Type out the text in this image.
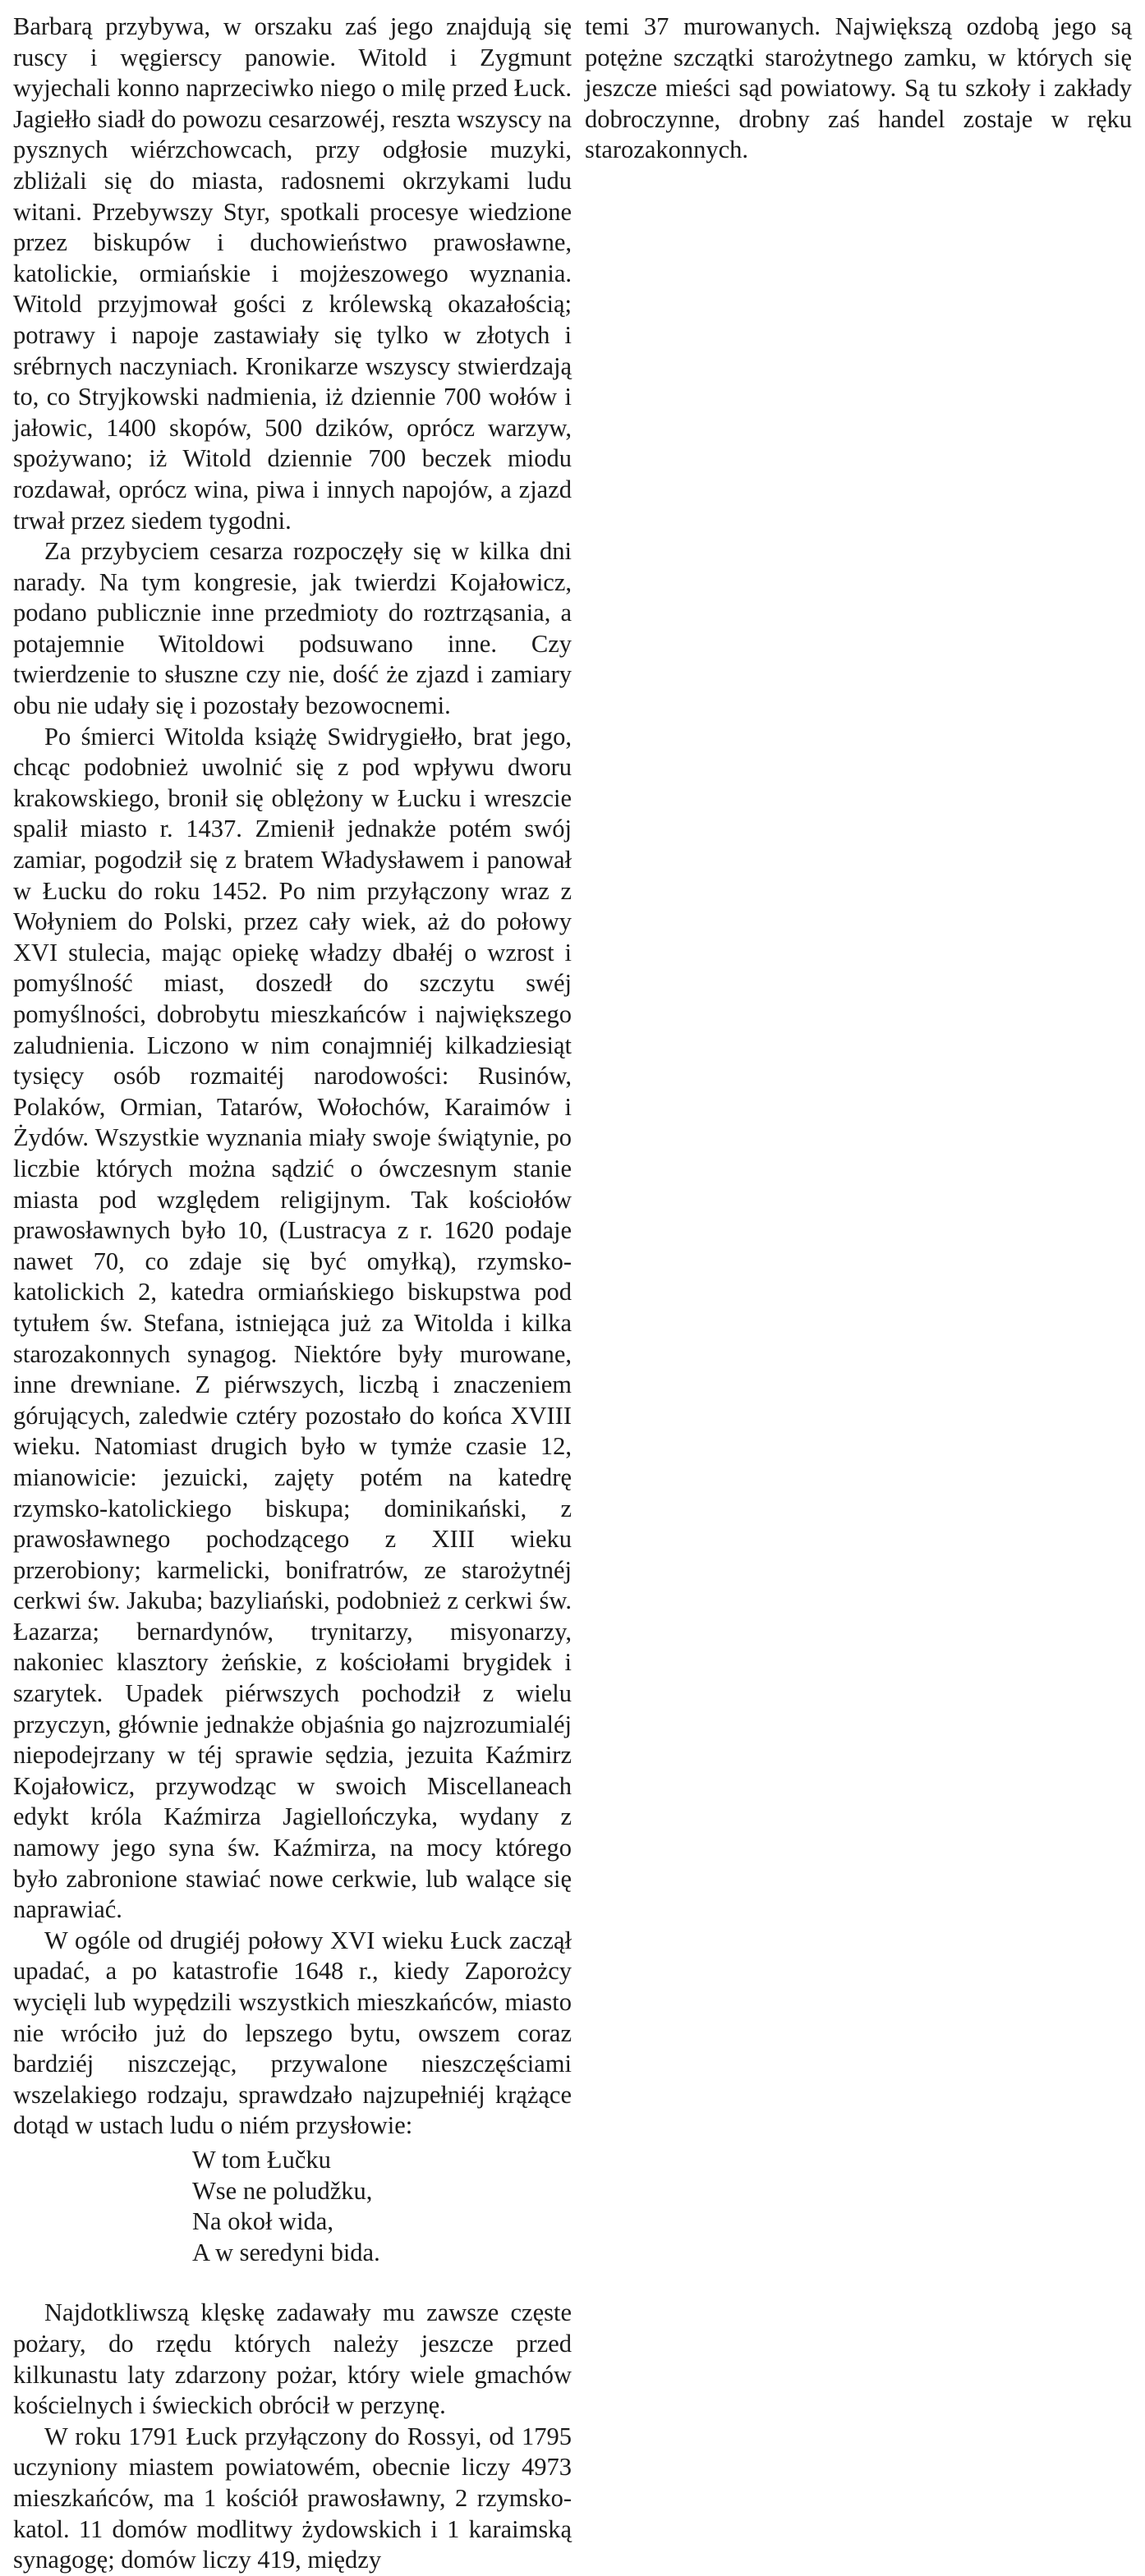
Barbarą przybywa, w orszaku zaś jego znajdują się ruscy i węgierscy panowie. Witold i Zygmunt wyjechali konno naprzeciwko niego o milę przed Łuck. Jagiełło siadł do powozu cesarzowéj, reszta wszyscy na pysznych wiérzchowcach, przy odgłosie muzyki, zbliżali się do miasta, radosnemi okrzykami ludu witani. Przebywszy Styr, spotkali procesye wiedzione przez biskupów i duchowieństwo prawosławne, katolickie, ormiańskie i mojżeszowego wyznania. Witold przyjmował gości z królewską okazałością; potrawy i napoje zastawiały się tylko w złotych i srébrnych naczyniach. Kronikarze wszyscy stwierdzają to, co Stryjkowski nadmienia, iż dziennie 700 wołów i jałowic, 1400 skopów, 500 dzików, oprócz warzyw, spożywano; iż Witold dziennie 700 beczek miodu rozdawał, oprócz wina, piwa i innych napojów, a zjazd trwał przez siedem tygodni.

Za przybyciem cesarza rozpoczęły się w kilka dni narady. Na tym kongresie, jak twierdzi Kojałowicz, podano publicznie inne przedmioty do roztrząsania, a potajemnie Witoldowi podsuwano inne. Czy twierdzenie to słuszne czy nie, dość że zjazd i zamiary obu nie udały się i pozostały bezowocnemi.

Po śmierci Witolda książę Swidrygiełło, brat jego, chcąc podobnież uwolnić się z pod wpływu dworu krakowskiego, bronił się oblężony w Łucku i wreszcie spalił miasto r. 1437. Zmienił jednakże potém swój zamiar, pogodził się z bratem Władysławem i panował w Łucku do roku 1452. Po nim przyłączony wraz z Wołyniem do Polski, przez cały wiek, aż do połowy XVI stulecia, mając opiekę władzy dbałéj o wzrost i pomyślność miast, doszedł do szczytu swéj pomyślności, dobrobytu mieszkańców i największego zaludnienia. Liczono w nim conajmniéj kilkadziesiąt tysięcy osób rozmaitéj narodowości: Rusinów, Polaków, Ormian, Tatarów, Wołochów, Karaimów i Żydów. Wszystkie wyznania miały swoje świątynie, po liczbie których można sądzić o ówczesnym stanie miasta pod względem religijnym. Tak kościołów prawosławnych było 10, (Lustracya z r. 1620 podaje nawet 70, co zdaje się być omyłką), rzymsko-katolickich 2, katedra ormiańskiego biskupstwa pod tytułem św. Stefana, istniejąca już za Witolda i kilka starozakonnych synagog. Niektóre były murowane, inne drewniane. Z piérwszych, liczbą i znaczeniem górujących, zaledwie cztéry pozostało do końca XVIII wieku. Natomiast drugich było w tymże czasie 12, mianowicie: jezuicki, zajęty potém na katedrę rzymsko-katolickiego biskupa; dominikański, z prawosławnego pochodzącego z XIII wieku przerobiony; karmelicki, bonifratrów, ze starożytnéj cerkwi św. Jakuba; bazyliański, podobnież z cerkwi św. Łazarza; bernardynów, trynitarzy, misyonarzy, nakoniec klasztory żeńskie, z kościołami brygidek i szarytek. Upadek piérwszych pochodził z wielu przyczyn, głównie jednakże objaśnia go najzrozumialéj niepodejrzany w téj sprawie sędzia, jezuita Kaźmirz Kojałowicz, przywodząc w swoich Miscellaneach edykt króla Kaźmirza Jagiellończyka, wydany z namowy jego syna św. Kaźmirza, na mocy którego było zabronione stawiać nowe cerkwie, lub walące się naprawiać.

W ogóle od drugiéj połowy XVI wieku Łuck zaczął upadać, a po katastrofie 1648 r., kiedy Zaporożcy wycięli lub wypędzili wszystkich mieszkańców, miasto nie wróciło już do lepszego bytu, owszem coraz bardziéj niszczejąc, przywalone nieszczęściami wszelakiego rodzaju, sprawdzało najzupełniéj krążące dotąd w ustach ludu o niém przysłowie:

W tom Łučku
Wse ne poludžku,
Na okoł wida,
A w seredyni bida.

Najdotkliwszą klęskę zadawały mu zawsze częste pożary, do rzędu których należy jeszcze przed kilkunastu laty zdarzony pożar, który wiele gmachów kościelnych i świeckich obrócił w perzynę.

W roku 1791 Łuck przyłączony do Rossyi, od 1795 uczyniony miastem powiatowém, obecnie liczy 4973 mieszkańców, ma 1 kościół prawosławny, 2 rzymsko-katol. 11 domów modlitwy żydowskich i 1 karaimską synagogę; domów liczy 419, między

temi 37 murowanych. Największą ozdobą jego są potężne szczątki starożytnego zamku, w których się jeszcze mieści sąd powiatowy. Są tu szkoły i zakłady dobroczynne, drobny zaś handel zostaje w ręku starozakonnych.
